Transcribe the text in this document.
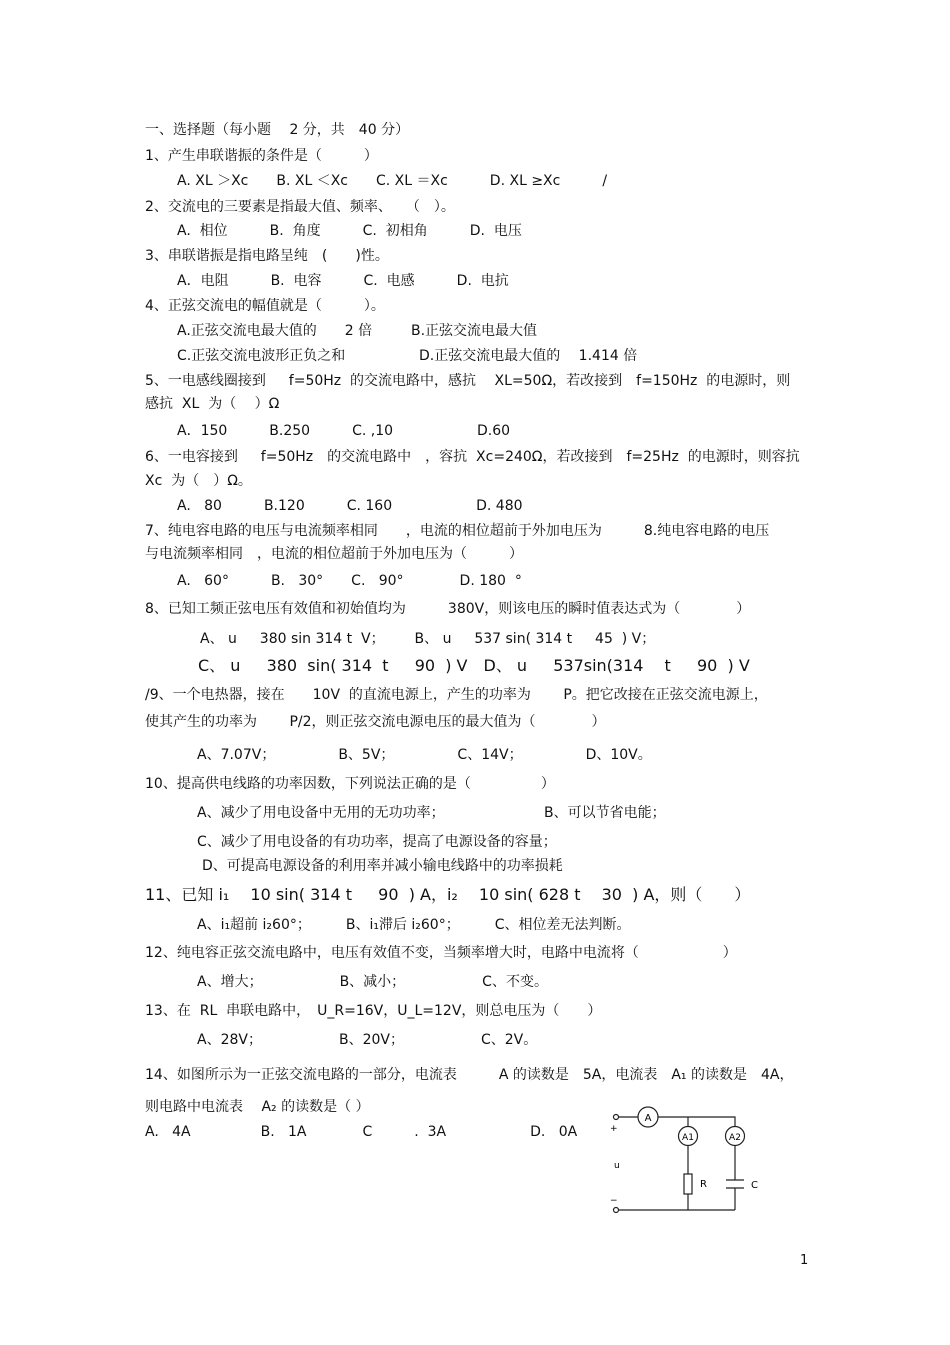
一、选择题（每小题　 2 分，共　40 分）
1、产生串联谐振的条件是（　　　）
A. XL ＞Xc　　B. XL ＜Xc　　C. XL ＝Xc　　　D. XL ≥Xc　　　/
2、交流电的三要素是指最大值、频率、　　（　）。
A.  相位　　　B.  角度　　　C.  初相角　　　D.  电压
3、串联谐振是指电路呈纯　(　　)性。
A．电阻　　　B.  电容　　　C.  电感　　　D.  电抗
4、正弦交流电的幅值就是（　　　）。
A.正弦交流电最大值的　　2 倍	B.正弦交流电最大值
C.正弦交流电波形正负之和	D.正弦交流电最大值的　 1.414 倍
5、一电感线圈接到　  f=50Hz  的交流电路中，感抗　 XL=50Ω，若改接到　f=150Hz  的电源时，则
感抗  XL  为（　 ）Ω
A．150　　　B.250　　　C. ,10　　　　　　D.60
6、一电容接到　  f=50Hz　的交流电路中　，容抗  Xc=240Ω，若改接到　f=25Hz  的电源时，则容抗
Xc  为（　）Ω。
A.   80　　　B.120　　　C. 160　　　　　　D. 480
7、纯电容电路的电压与电流频率相同　　，电流的相位超前于外加电压为　　　8.纯电容电路的电压
与电流频率相同　，电流的相位超前于外加电压为（　　　）
A.   60°　　　B.   30°　　C.   90°　　　　D. 180  °
8、已知工频正弦电压有效值和初始值均为　　　380V，则该电压的瞬时值表达式为（　　　　）
A、 u　  380 sin 314 t  V；　　  B、 u　  537 sin( 314 t　  45  ) V；
C、 u　  380  sin( 314  t　  90  ) V　D、 u　  537sin(314　 t　  90  ) V
/9、一个电热器，接在　　10V  的直流电源上，产生的功率为　　 P。把它改接在正弦交流电源上，
使其产生的功率为　　 P/2，则正弦交流电源电压的最大值为（　　　　）
A、7.07V；　　　　　B、5V；　　　　　C、14V；　　　　　D、10V。
10、提高供电线路的功率因数，下列说法正确的是（　　　　　）
A、减少了用电设备中无用的无功功率；	B、可以节省电能；
C、减少了用电设备的有功功率，提高了电源设备的容量；
D、可提高电源设备的利用率并减小输电线路中的功率损耗
11、已知 i₁　 10 sin( 314 t　  90  ) A，i₂　 10 sin( 628 t　 30  ) A，则（　　）
A、i₁超前 i₂60°；　　　B、i₁滞后 i₂60°；　　　C、相位差无法判断。
12、纯电容正弦交流电路中，电压有效值不变，当频率增大时，电路中电流将（　　　　　　）
A、增大；　　　　　　B、减小；　　　　　　C、不变。
13、在  RL  串联电路中，　U_R=16V，U_L=12V，则总电压为（　　）
A、28V；　　　　　　B、20V；　　　　　　C、2V。
14、如图所示为一正弦交流电路的一部分，电流表　　　A 的读数是　5A，电流表　A₁ 的读数是　4A，
则电路中电流表　 A₂ 的读数是（ ）
A.   4A　　　　　B.   1A　　　　C　　　.  3A　　　　　　D.   0A
A
A1	A2
R	C
u
+
−
1
